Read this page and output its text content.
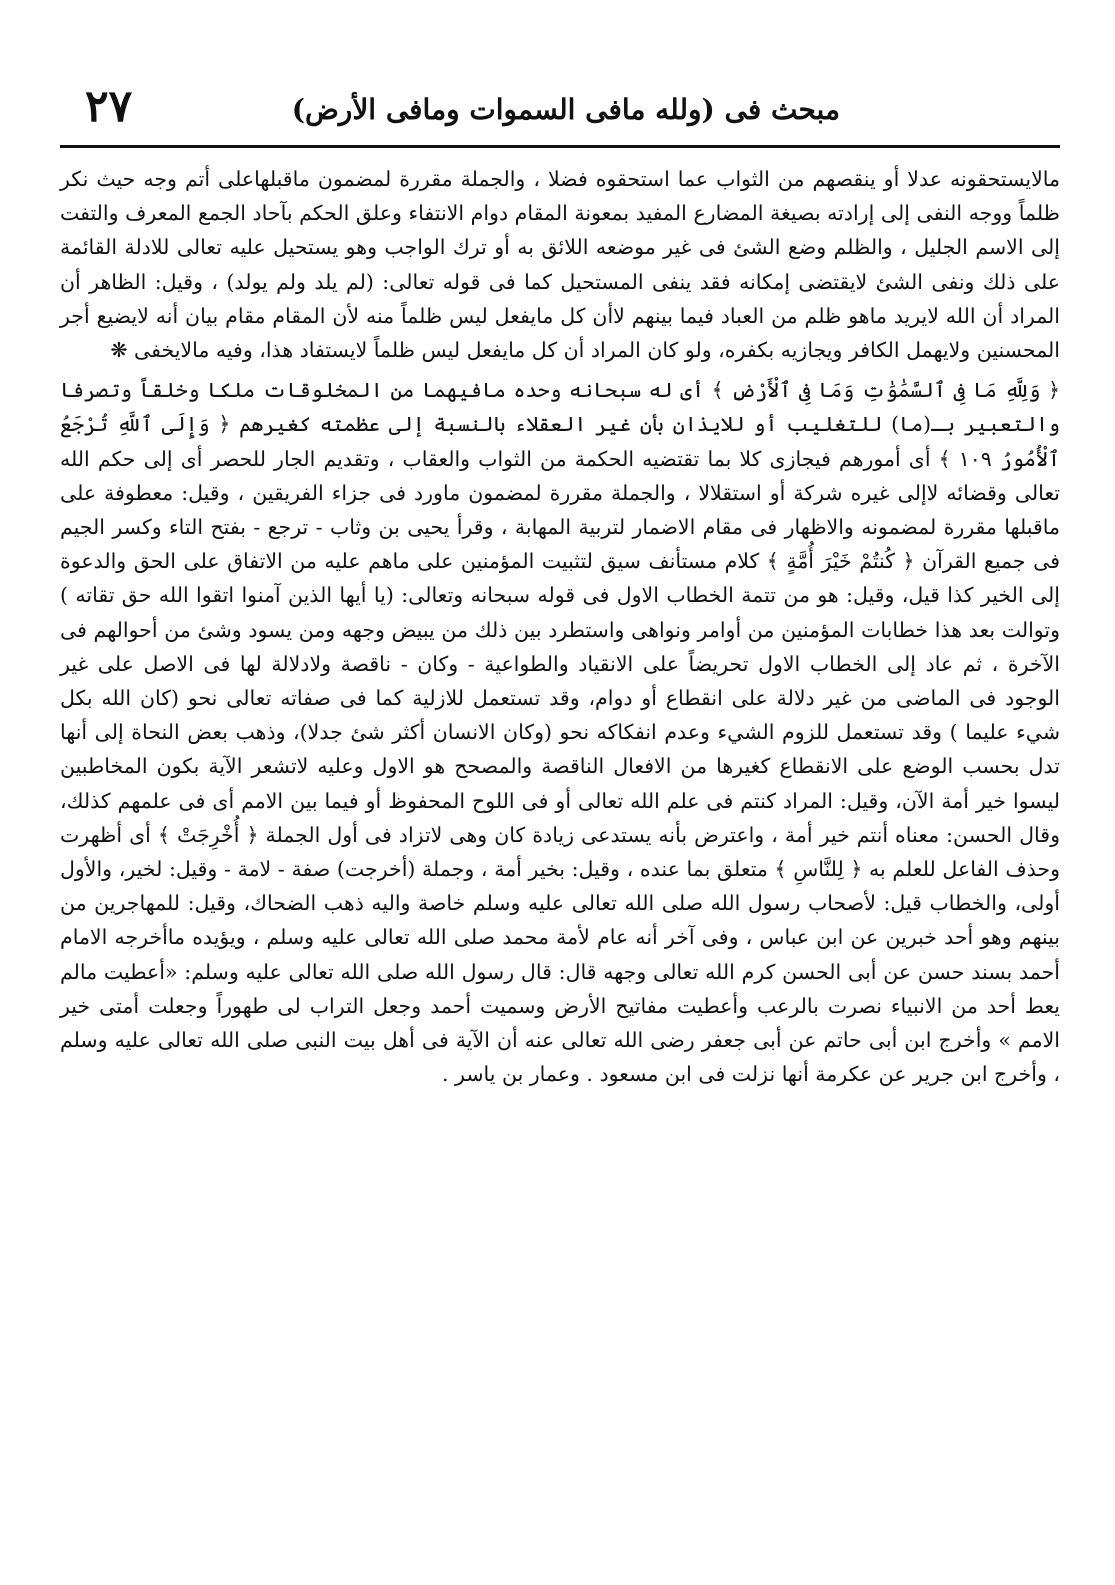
مبحث فى (ولله مافى السموات ومافى الأرض)
٢٧

مالايستحقونه عدلا أو ينقصهم من الثواب عما استحقوه فضلا ، والجملة مقررة لمضمون ماقبلهاعلى أتم وجه حيث نكر ظلماً ووجه النفى إلى إرادته بصيغة المضارع المفيد بمعونة المقام دوام الانتفاء وعلق الحكم بآحاد الجمع المعرف والتفت إلى الاسم الجليل ، والظلم وضع الشئ فى غير موضعه اللائق به أو ترك الواجب وهو يستحيل عليه تعالى للادلة القائمة على ذلك ونفى الشئ لايقتضى إمكانه فقد ينفى المستحيل كما فى قوله تعالى: (لم يلد ولم يولد) ، وقيل: الظاهر أن المراد أن الله لايريد ماهو ظلم من العباد فيما بينهم لاأن كل مايفعل ليس ظلماً منه لأن المقام مقام بيان أنه لايضيع أجر المحسنين ولايهمل الكافر ويجازيه بكفره، ولو كان المراد أن كل مايفعل ليس ظلماً لايستفاد هذا، وفيه مالايخفى ❋

﴿ وَلِلَّهِ مَا فِى ٱلسَّمَٰوَٰتِ وَمَا فِى ٱلْأَرْضِ ﴾ أى له سبحانه وحده مافيهما من المخلوقات ملكا وخلقاً وتصرفا والتعبير بـ(ما) للتغليب أو للايذان بأن غير العقلاء بالنسبة إلى عظمته كغيرهم ﴿ وَإِلَى ٱللَّهِ تُرْجَعُ ٱلْأُمُورُ ١٠٩ ﴾ أى أمورهم فيجازى كلا بما تقتضيه الحكمة من الثواب والعقاب ، وتقديم الجار للحصر أى إلى حكم الله تعالى وقضائه لاإلى غيره شركة أو استقلالا ، والجملة مقررة لمضمون ماورد فى جزاء الفريقين ، وقيل: معطوفة على ماقبلها مقررة لمضمونه والاظهار فى مقام الاضمار لتربية المهابة ، وقرأ يحيى بن وثاب - ترجع - بفتح التاء وكسر الجيم فى جميع القرآن ﴿ كُنتُمْ خَيْرَ أُمَّةٍ ﴾ كلام مستأنف سيق لتثبيت المؤمنين على ماهم عليه من الاتفاق على الحق والدعوة إلى الخير كذا قيل، وقيل: هو من تتمة الخطاب الاول فى قوله سبحانه وتعالى: (يا أيها الذين آمنوا اتقوا الله حق تقاته ) وتوالت بعد هذا خطابات المؤمنين من أوامر ونواهى واستطرد بين ذلك من يبيض وجهه ومن يسود وشئ من أحوالهم فى الآخرة ، ثم عاد إلى الخطاب الاول تحريضاً على الانقياد والطواعية - وكان - ناقصة ولادلالة لها فى الاصل على غير الوجود فى الماضى من غير دلالة على انقطاع أو دوام، وقد تستعمل للازلية كما فى صفاته تعالى نحو (كان الله بكل شيء عليما ) وقد تستعمل للزوم الشيء وعدم انفكاكه نحو (وكان الانسان أكثر شئ جدلا)، وذهب بعض النحاة إلى أنها تدل بحسب الوضع على الانقطاع كغيرها من الافعال الناقصة والمصحح هو الاول وعليه لاتشعر الآية بكون المخاطبين ليسوا خير أمة الآن، وقيل: المراد كنتم فى علم الله تعالى أو فى اللوح المحفوظ أو فيما بين الامم أى فى علمهم كذلك، وقال الحسن: معناه أنتم خير أمة ، واعترض بأنه يستدعى زيادة كان وهى لاتزاد فى أول الجملة ﴿ أُخْرِجَتْ ﴾ أى أظهرت وحذف الفاعل للعلم به ﴿ لِلنَّاسِ ﴾ متعلق بما عنده ، وقيل: بخير أمة ، وجملة (أخرجت) صفة - لامة - وقيل: لخير، والأول أولى، والخطاب قيل: لأصحاب رسول الله صلى الله تعالى عليه وسلم خاصة واليه ذهب الضحاك، وقيل: للمهاجرين من بينهم وهو أحد خبرين عن ابن عباس ، وفى آخر أنه عام لأمة محمد صلى الله تعالى عليه وسلم ، ويؤيده ماأخرجه الامام أحمد بسند حسن عن أبى الحسن كرم الله تعالى وجهه قال: قال رسول الله صلى الله تعالى عليه وسلم: «أعطيت مالم يعط أحد من الانبياء نصرت بالرعب وأعطيت مفاتيح الأرض وسميت أحمد وجعل التراب لى طهوراً وجعلت أمتى خير الامم » وأخرج ابن أبى حاتم عن أبى جعفر رضى الله تعالى عنه أن الآية فى أهل بيت النبى صلى الله تعالى عليه وسلم ، وأخرج ابن جرير عن عكرمة أنها نزلت فى ابن مسعود . وعمار بن ياسر .
